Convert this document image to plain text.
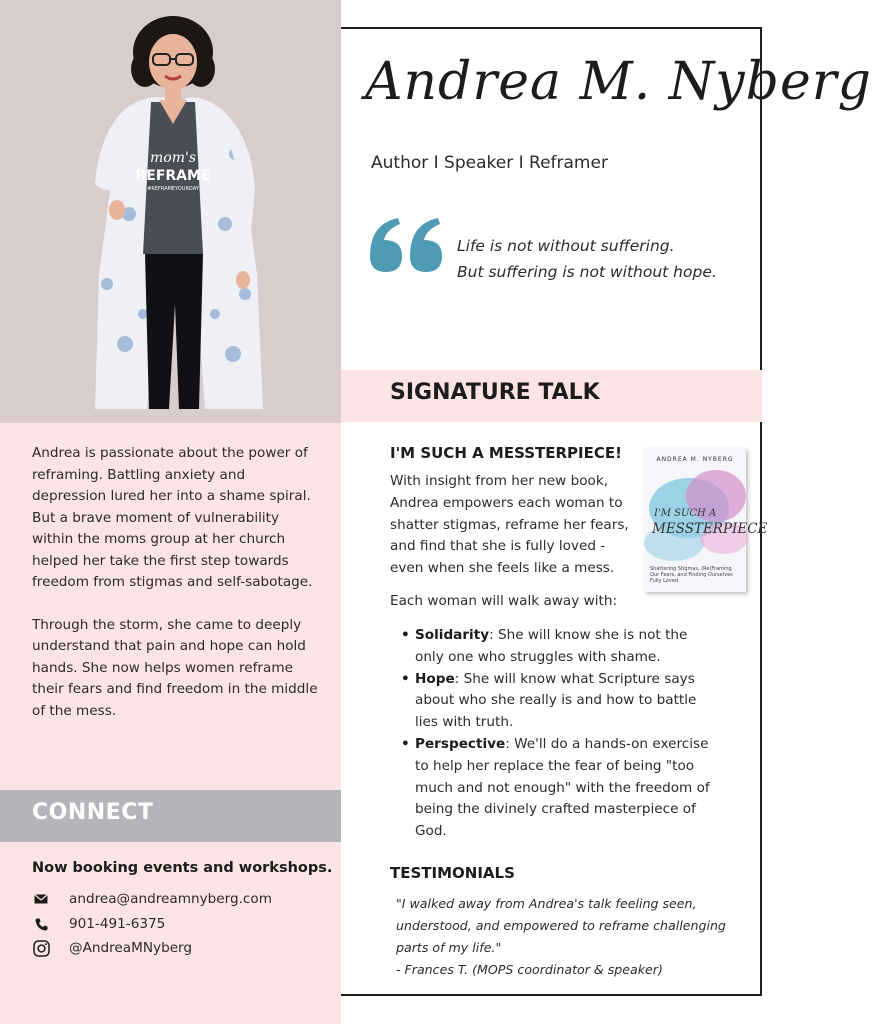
mom's
REFRAME
#REFRAMEYOURDAY

Andrea is passionate about the power of reframing. Battling anxiety and depression lured her into a shame spiral. But a brave moment of vulnerability within the moms group at her church helped her take the first step towards freedom from stigmas and self-sabotage.

Through the storm, she came to deeply understand that pain and hope can hold hands. She now helps women reframe their fears and find freedom in the middle of the mess.

CONNECT
Now booking events and workshops.
andrea@andreamnyberg.com
901-491-6375
@AndreaMNyberg
Andrea M. Nyberg
Author I Speaker I Reframer
Life is not without suffering.
But suffering is not without hope.
SIGNATURE TALK
I'M SUCH A MESSTERPIECE!
With insight from her new book, Andrea empowers each woman to shatter stigmas, reframe her fears, and find that she is fully loved - even when she feels like a mess.
ANDREA M. NYBERG
I'M SUCH A
MESSTERPIECE
Shattering Stigmas, (Re)Framing Our Fears, and Finding Ourselves Fully Loved
Each woman will walk away with:
• Solidarity: She will know she is not the only one who struggles with shame.
• Hope: She will know what Scripture says about who she really is and how to battle lies with truth.
• Perspective: We'll do a hands-on exercise to help her replace the fear of being "too much and not enough" with the freedom of being the divinely crafted masterpiece of God.
TESTIMONIALS
"I walked away from Andrea's talk feeling seen, understood, and empowered to reframe challenging parts of my life."
- Frances T. (MOPS coordinator & speaker)
